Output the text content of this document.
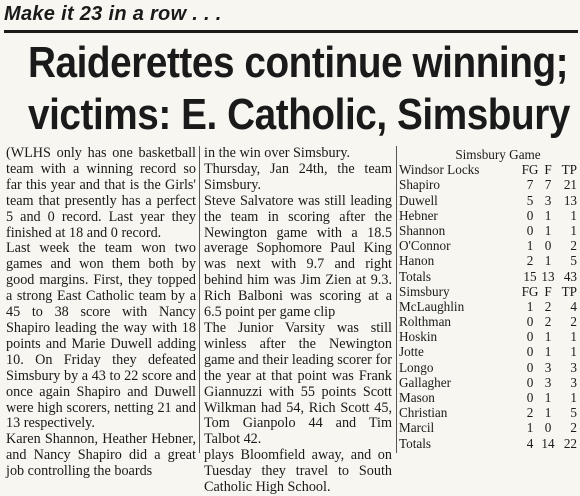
Make it 23 in a row . . .
Raiderettes continue winning;
victims: E. Catholic, Simsbury

(WLHS only has one basketball team with a winning record so far this year and that is the Girls' team that presently has a perfect 5 and 0 record. Last year they finished at 18 and 0 record.

Last week the team won two games and won them both by good margins. First, they topped a strong East Catholic team by a 45 to 38 score with Nancy Shapiro leading the way with 18 points and Marie Duwell adding 10. On Friday they defeated Simsbury by a 43 to 22 score and once again Shapiro and Duwell were high scorers, netting 21 and 13 respectively.

Karen Shannon, Heather Hebner, and Nancy Shapiro did a great job controlling the boards

in the win over Simsbury.

Thursday, Jan 24th, the team Simsbury.

Steve Salvatore was still leading the team in scoring after the Newington game with a 18.5 average Sophomore Paul King was next with 9.7 and right behind him was Jim Zien at 9.3. Rich Balboni was scoring at a 6.5 point per game clip

The Junior Varsity was still winless after the Newington game and their leading scorer for the year at that point was Frank Giannuzzi with 55 points Scott Wilkman had 54, Rich Scott 45, Tom Gianpolo 44 and Tim Talbot 42.

plays Bloomfield away, and on Tuesday they travel to South Catholic High School.

Simsbury Game
Windsor Locks	FG F TP
Shapiro	7 7 21
Duwell	5 3 13
Hebner	0 1	1
Shannon	0 1	1
O'Connor	1 0	2
Hanon	2 1	5
Totals	15 13 43
Simsbury	FG F TP
McLaughlin	1 2	4
Rolthman	0 2	2
Hoskin	0 1	1
Jotte	0 1	1
Longo	0 3	3
Gallagher	0 3	3
Mason	0 1	1
Christian	2 1	5
Marcil	1 0	2
Totals	4 14 22
